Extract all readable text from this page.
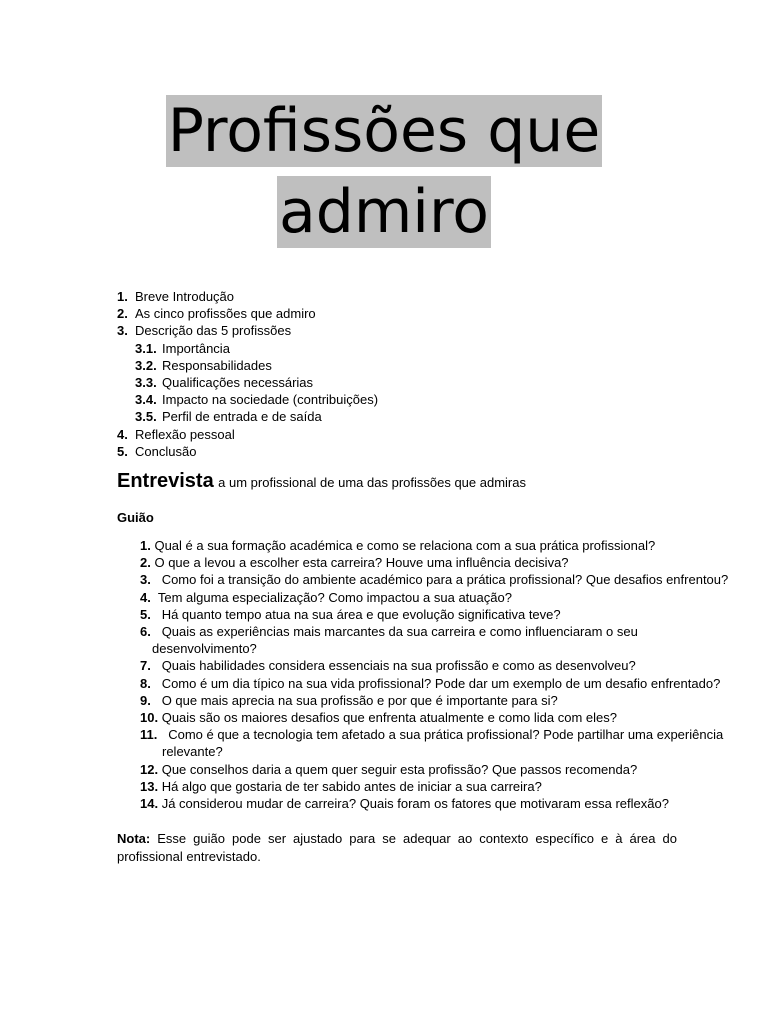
Profissões que
admiro
1. Breve Introdução
2. As cinco profissões que admiro
3. Descrição das 5 profissões
3.1. Importância
3.2. Responsabilidades
3.3. Qualificações necessárias
3.4. Impacto na sociedade (contribuições)
3.5. Perfil de entrada e de saída
4. Reflexão pessoal
5. Conclusão
Entrevista a um profissional de uma das profissões que admiras
Guião
1. Qual é a sua formação académica e como se relaciona com a sua prática profissional?
2. O que a levou a escolher esta carreira? Houve uma influência decisiva?
3. Como foi a transição do ambiente académico para a prática profissional? Que desafios enfrentou?
4. Tem alguma especialização? Como impactou a sua atuação?
5. Há quanto tempo atua na sua área e que evolução significativa teve?
6. Quais as experiências mais marcantes da sua carreira e como influenciaram o seu
desenvolvimento?
7. Quais habilidades considera essenciais na sua profissão e como as desenvolveu?
8. Como é um dia típico na sua vida profissional? Pode dar um exemplo de um desafio enfrentado?
9. O que mais aprecia na sua profissão e por que é importante para si?
10. Quais são os maiores desafios que enfrenta atualmente e como lida com eles?
11. Como é que a tecnologia tem afetado a sua prática profissional? Pode partilhar uma experiência
relevante?
12. Que conselhos daria a quem quer seguir esta profissão? Que passos recomenda?
13. Há algo que gostaria de ter sabido antes de iniciar a sua carreira?
14. Já considerou mudar de carreira? Quais foram os fatores que motivaram essa reflexão?
Nota: Esse guião pode ser ajustado para se adequar ao contexto específico e à área do profissional entrevistado.
